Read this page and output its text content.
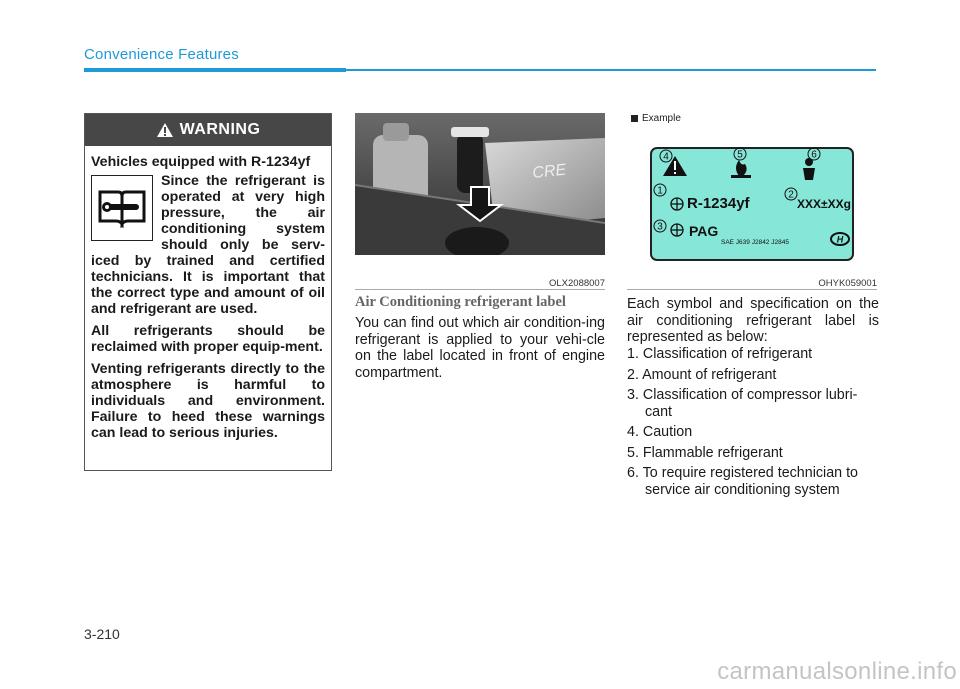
Convenience Features
WARNING

Vehicles equipped with R-1234yf

Since the refrigerant is operated at very high pressure, the air conditioning system should only be serv-iced by trained and certified technicians. It is important that the correct type and amount of oil and refrigerant are used.

All refrigerants should be reclaimed with proper equip-ment.

Venting refrigerants directly to the atmosphere is harmful to individuals and environment. Failure to heed these warnings can lead to serious injuries.

CRE
OLX2088007
Air Conditioning refrigerant label
You can find out which air condition-ing refrigerant is applied to your vehi-cle on the label located in front of engine compartment.
Example
4	5	6
1	2
3
R-1234yf	XXX±XXg
PAG
SAE J639 J2842 J2845	H
OHYK059001
Each symbol and specification on the air conditioning refrigerant label is represented as below:
1. Classification of refrigerant
2. Amount of refrigerant
3. Classification of compressor lubri-cant
4. Caution
5. Flammable refrigerant
6. To require registered technician to service air conditioning system
3-210
carmanualsonline.info
